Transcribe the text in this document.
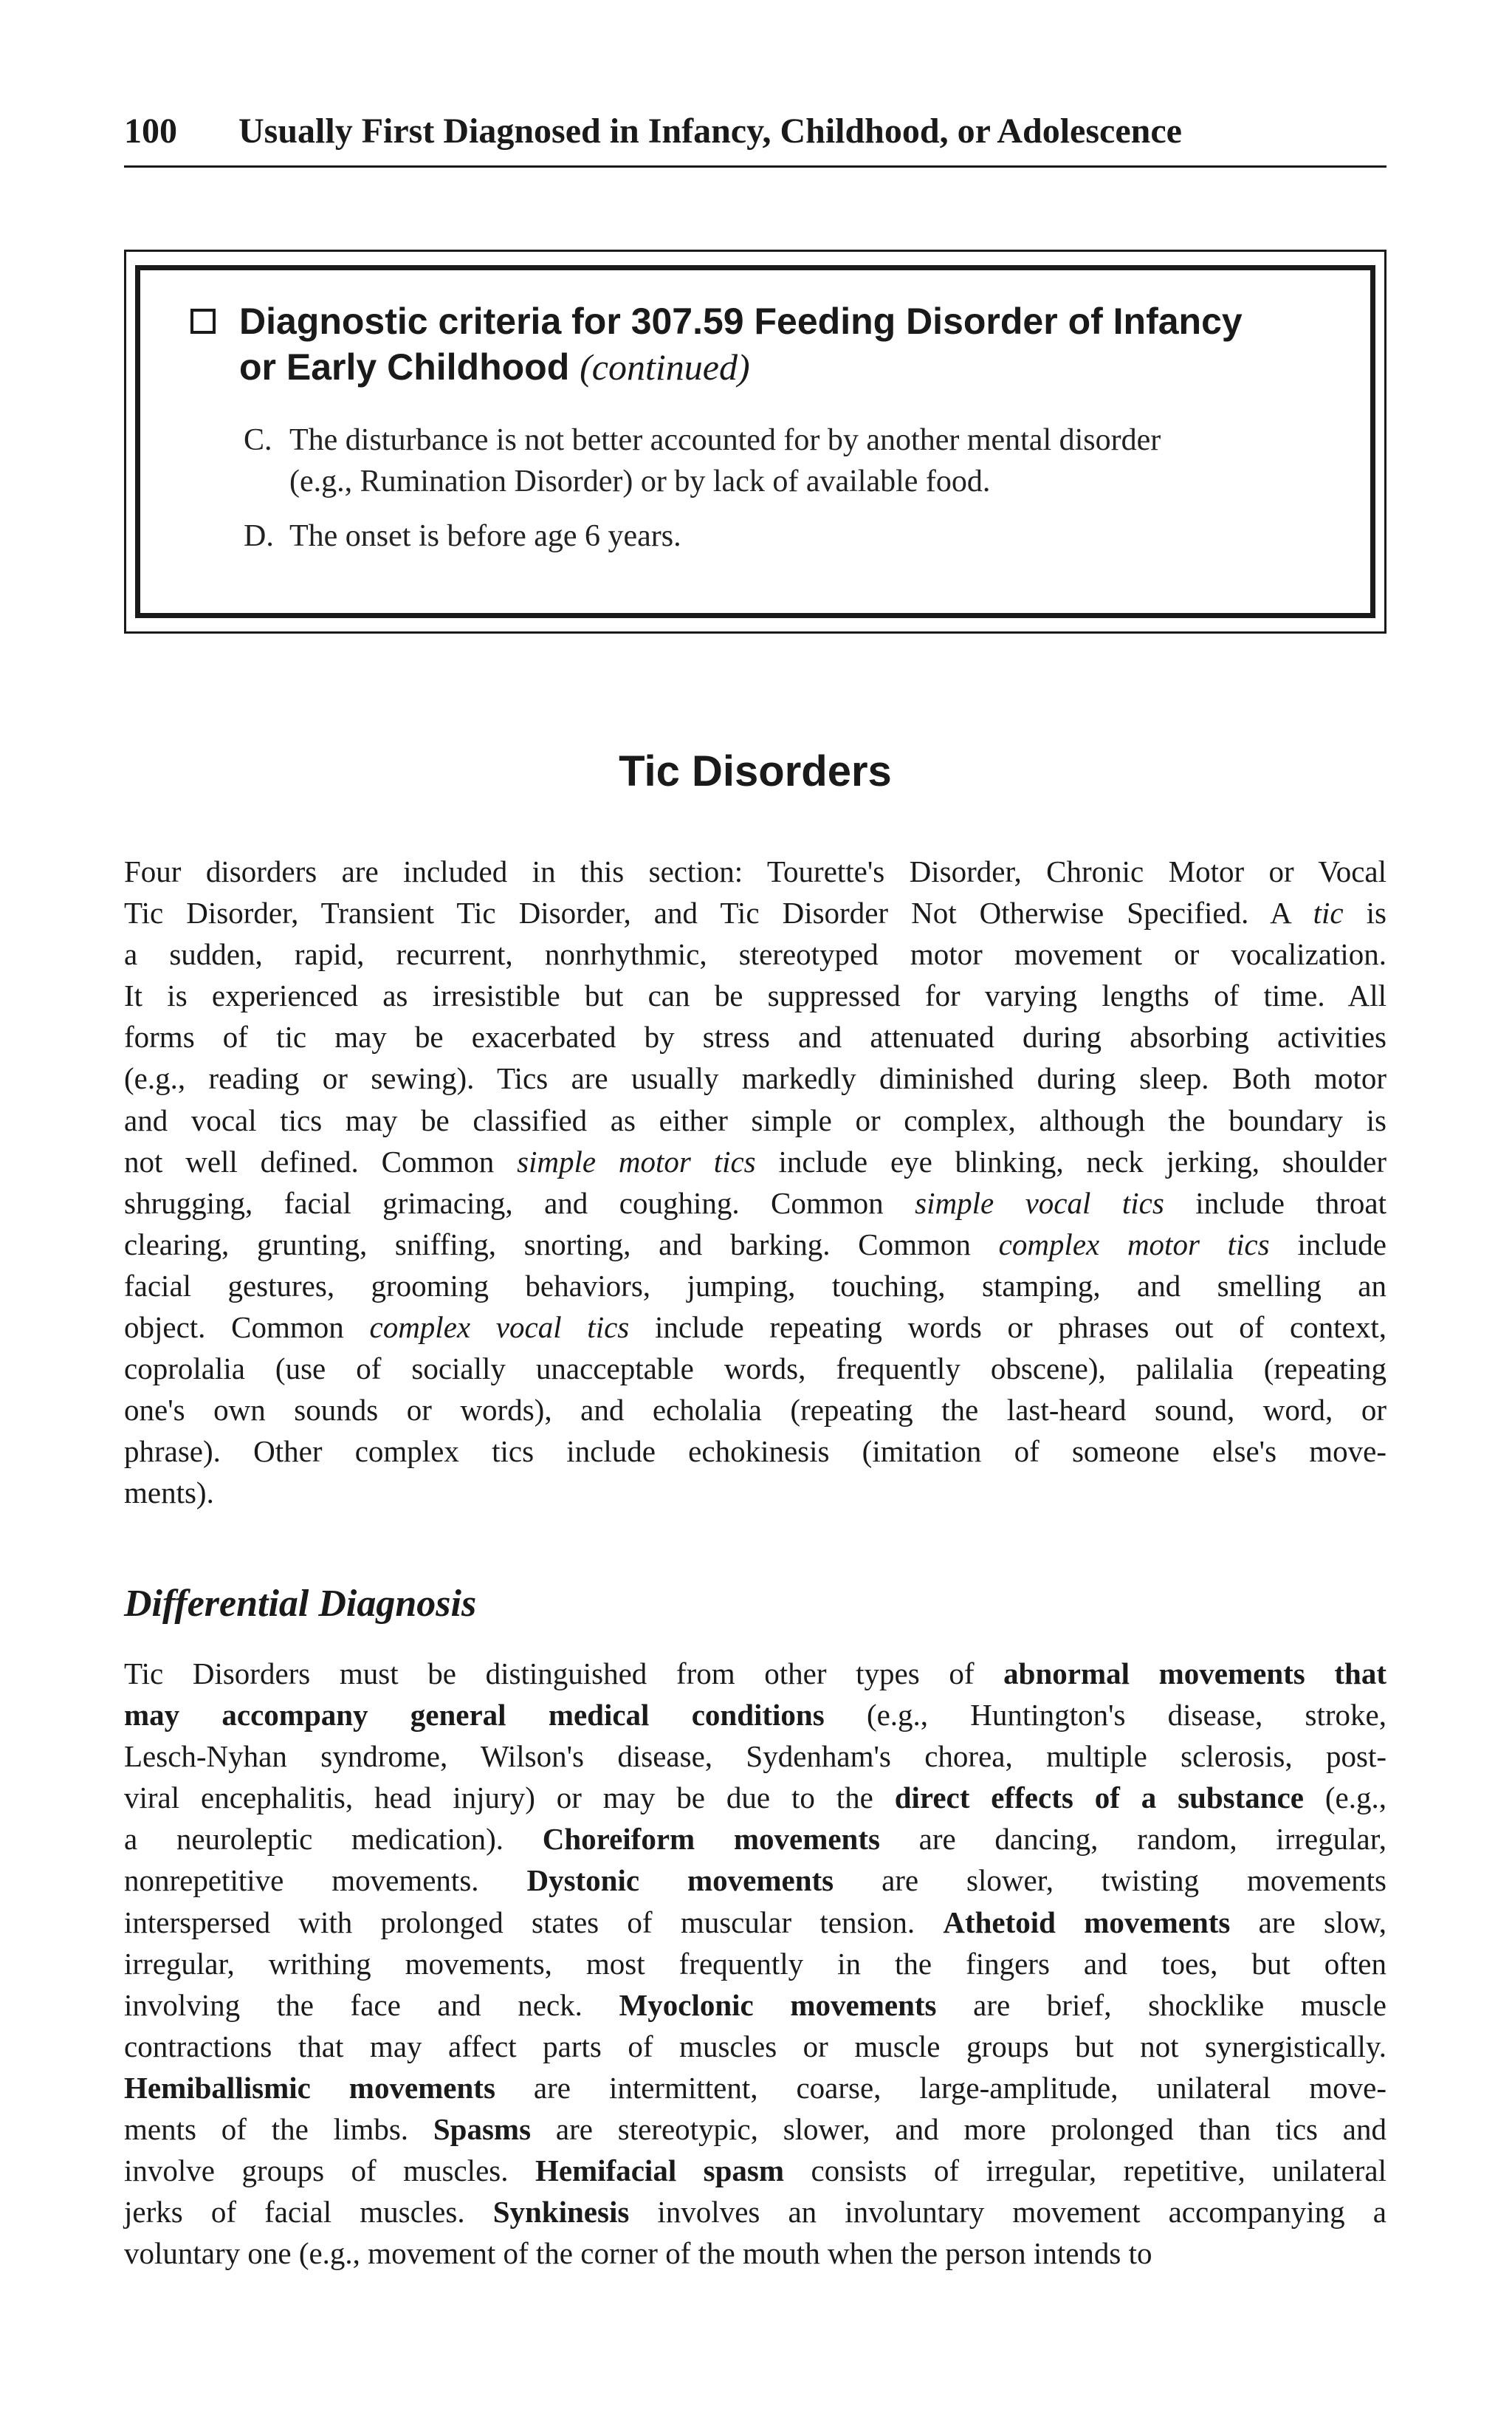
100 Usually First Diagnosed in Infancy, Childhood, or Adolescence
Diagnostic criteria for 307.59 Feeding Disorder of Infancy
or Early Childhood (continued)
C. The disturbance is not better accounted for by another mental disorder
(e.g., Rumination Disorder) or by lack of available food.
D. The onset is before age 6 years.
Tic Disorders
Four disorders are included in this section: Tourette's Disorder, Chronic Motor or Vocal
Tic Disorder, Transient Tic Disorder, and Tic Disorder Not Otherwise Specified. A tic is
a sudden, rapid, recurrent, nonrhythmic, stereotyped motor movement or vocalization.
It is experienced as irresistible but can be suppressed for varying lengths of time. All
forms of tic may be exacerbated by stress and attenuated during absorbing activities
(e.g., reading or sewing). Tics are usually markedly diminished during sleep. Both motor
and vocal tics may be classified as either simple or complex, although the boundary is
not well defined. Common simple motor tics include eye blinking, neck jerking, shoulder
shrugging, facial grimacing, and coughing. Common simple vocal tics include throat
clearing, grunting, sniffing, snorting, and barking. Common complex motor tics include
facial gestures, grooming behaviors, jumping, touching, stamping, and smelling an
object. Common complex vocal tics include repeating words or phrases out of context,
coprolalia (use of socially unacceptable words, frequently obscene), palilalia (repeating
one's own sounds or words), and echolalia (repeating the last-heard sound, word, or
phrase). Other complex tics include echokinesis (imitation of someone else's move-
ments).
Differential Diagnosis
Tic Disorders must be distinguished from other types of abnormal movements that
may accompany general medical conditions (e.g., Huntington's disease, stroke,
Lesch-Nyhan syndrome, Wilson's disease, Sydenham's chorea, multiple sclerosis, post-
viral encephalitis, head injury) or may be due to the direct effects of a substance (e.g.,
a neuroleptic medication). Choreiform movements are dancing, random, irregular,
nonrepetitive movements. Dystonic movements are slower, twisting movements
interspersed with prolonged states of muscular tension. Athetoid movements are slow,
irregular, writhing movements, most frequently in the fingers and toes, but often
involving the face and neck. Myoclonic movements are brief, shocklike muscle
contractions that may affect parts of muscles or muscle groups but not synergistically.
Hemiballismic movements are intermittent, coarse, large-amplitude, unilateral move-
ments of the limbs. Spasms are stereotypic, slower, and more prolonged than tics and
involve groups of muscles. Hemifacial spasm consists of irregular, repetitive, unilateral
jerks of facial muscles. Synkinesis involves an involuntary movement accompanying a
voluntary one (e.g., movement of the corner of the mouth when the person intends to
